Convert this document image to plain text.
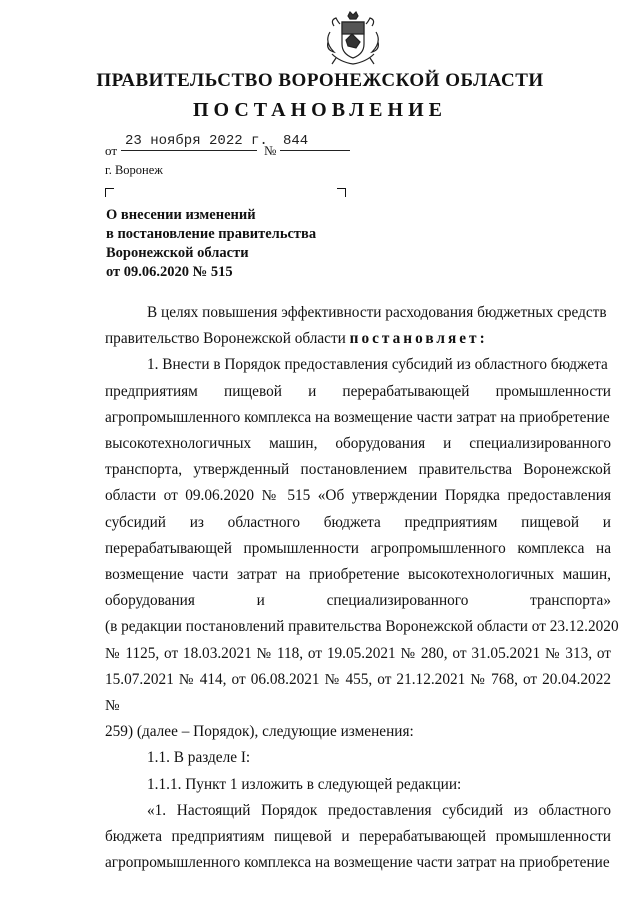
ПРАВИТЕЛЬСТВО ВОРОНЕЖСКОЙ ОБЛАСТИ
ПОСТАНОВЛЕНИЕ
от
23 ноября 2022 г.
№
844
г. Воронеж
О внесении изменений
в постановление правительства
Воронежской области
от 09.06.2020 № 515
В целях повышения эффективности расходования бюджетных средств
правительство Воронежской области постановляет:
1. Внести в Порядок предоставления субсидий из областного бюджета
предприятиям пищевой и перерабатывающей промышленности
агропромышленного комплекса на возмещение части затрат на приобретение
высокотехнологичных машин, оборудования и специализированного
транспорта, утвержденный постановлением правительства Воронежской
области от 09.06.2020 № 515 «Об утверждении Порядка предоставления
субсидий из областного бюджета предприятиям пищевой и
перерабатывающей промышленности агропромышленного комплекса на
возмещение части затрат на приобретение высокотехнологичных машин,
оборудования и специализированного транспорта»
(в редакции постановлений правительства Воронежской области от 23.12.2020
№ 1125, от 18.03.2021 № 118, от 19.05.2021 № 280, от 31.05.2021 № 313, от
15.07.2021 № 414, от 06.08.2021 № 455, от 21.12.2021 № 768, от 20.04.2022 №
259) (далее – Порядок), следующие изменения:
1.1. В разделе I:
1.1.1. Пункт 1 изложить в следующей редакции:
«1. Настоящий Порядок предоставления субсидий из областного
бюджета предприятиям пищевой и перерабатывающей промышленности
агропромышленного комплекса на возмещение части затрат на приобретение
